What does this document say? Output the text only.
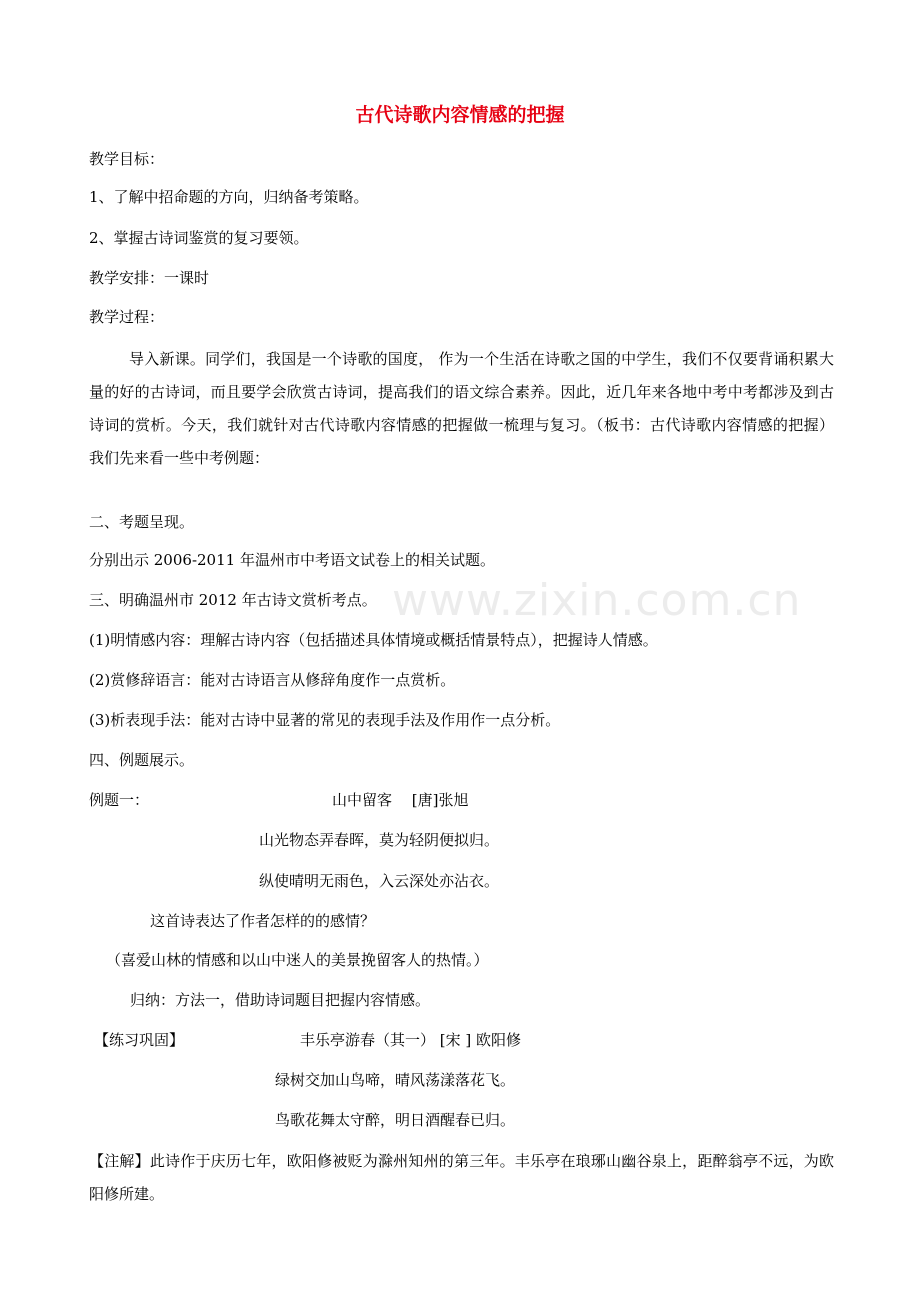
www.zixin.com.cn
古代诗歌内容情感的把握
教学目标：
1、了解中招命题的方向，归纳备考策略。
2、掌握古诗词鉴赏的复习要领。
教学安排：一课时
教学过程：
导入新课。同学们，我国是一个诗歌的国度， 作为一个生活在诗歌之国的中学生，我们不仅要背诵积累大量的好的古诗词，而且要学会欣赏古诗词，提高我们的语文综合素养。因此，近几年来各地中考中考都涉及到古诗词的赏析。今天，我们就针对古代诗歌内容情感的把握做一梳理与复习。（板书：古代诗歌内容情感的把握） 我们先来看一些中考例题：
二、考题呈现。
分别出示 2006-2011 年温州市中考语文试卷上的相关试题。
三、明确温州市 2012 年古诗文赏析考点。
(1)明情感内容：理解古诗内容（包括描述具体情境或概括情景特点），把握诗人情感。
(2)赏修辞语言：能对古诗语言从修辞角度作一点赏析。
(3)析表现手法：能对古诗中显著的常见的表现手法及作用作一点分析。
四、例题展示。
例题一：	山中留客　 [唐]张旭
山光物态弄春晖，莫为轻阴便拟归。
纵使晴明无雨色，入云深处亦沾衣。
这首诗表达了作者怎样的的感情？
（喜爱山林的情感和以山中迷人的美景挽留客人的热情。）
归纳：方法一，借助诗词题目把握内容情感。
【练习巩固】	丰乐亭游春（其一） [宋 ] 欧阳修
绿树交加山鸟啼，晴风荡漾落花飞。
鸟歌花舞太守醉，明日酒醒春已归。
【注解】此诗作于庆历七年，欧阳修被贬为滁州知州的第三年。丰乐亭在琅琊山幽谷泉上，距醉翁亭不远，为欧阳修所建。
